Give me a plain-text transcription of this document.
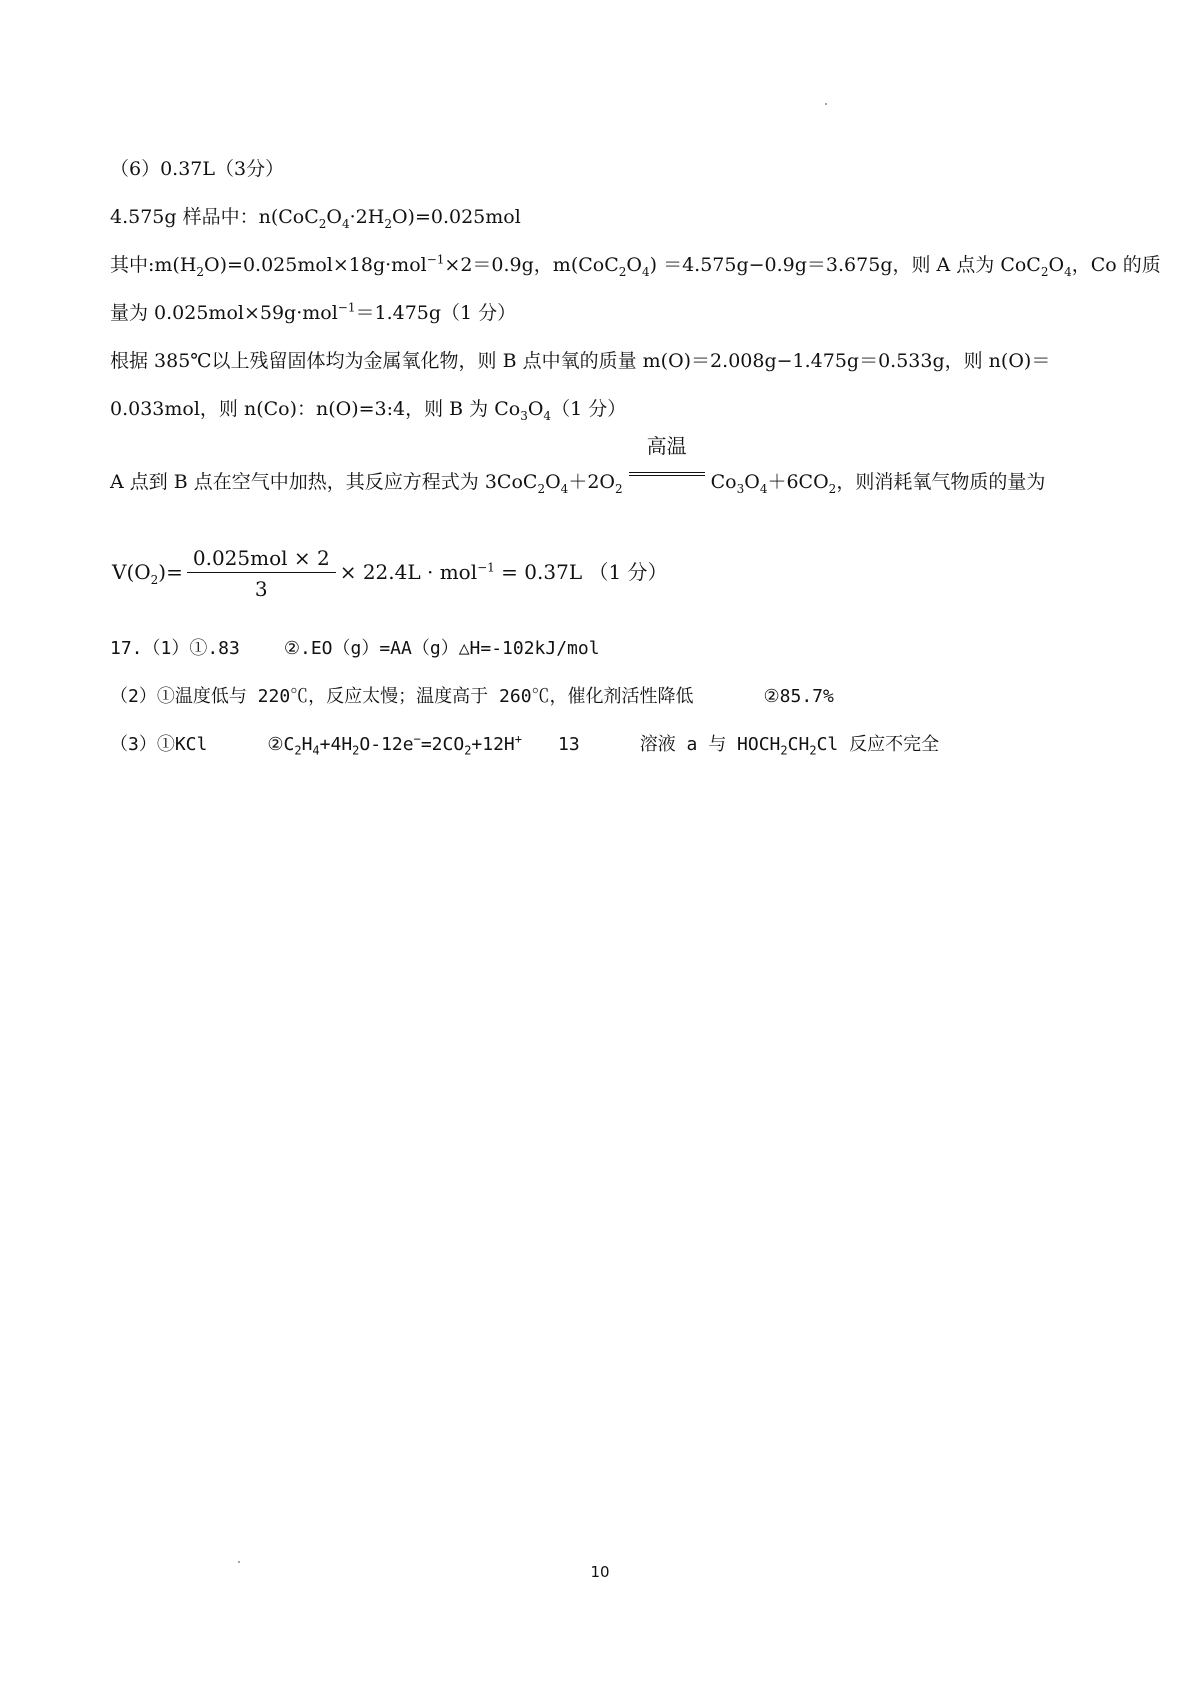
（6）0.37L（3分）
4.575g 样品中：$n(CoC_2O_4\cdot 2H_2O)=0.025mol$
其中$:m(H_2O)=0.025mol\times 18g\cdot mol^{-1}\times 2=0.9g$，$m(CoC_2O_4) =4.575g-0.9g=3.675g$，则 A 点为 $CoC_2O_4$，Co 的质
量为 0.025mol×59g·mol$^{-1}$＝1.475g（1 分）
根据 385℃以上残留固体均为金属氧化物，则 B 点中氧的质量 m(O)＝2.008g−1.475g＝0.533g，则 n(O)＝
0.033mol，则 n(Co)：n(O)=3:4，则 B 为 $Co_3O_4(1$ 分）
A 点到 B 点在空气中加热，其反应方程式为 $3CoC_2O_4+2O_2$
高温
$Co_3O_4+6CO_2$，则消耗氧气物质的量为
$V(O_2)= \frac{\text{0.025mol × 2}}{3} \times 22.4L \cdot mol^{-1} = 0.37L$ （1 分）
17.（1）①.83 ②.EO（g）=AA（g）△H=-102kJ/mol
（2）①温度低与 220℃，反应太慢；温度高于 260℃，催化剂活性降低	②85.7%
（3）①KCl	$②C_2H_4+4H_2O-12e^-=2CO_2+12H^+$ 13	溶液 a 与 $HOCH_2CH_2Cl$ 反应不完全
10
